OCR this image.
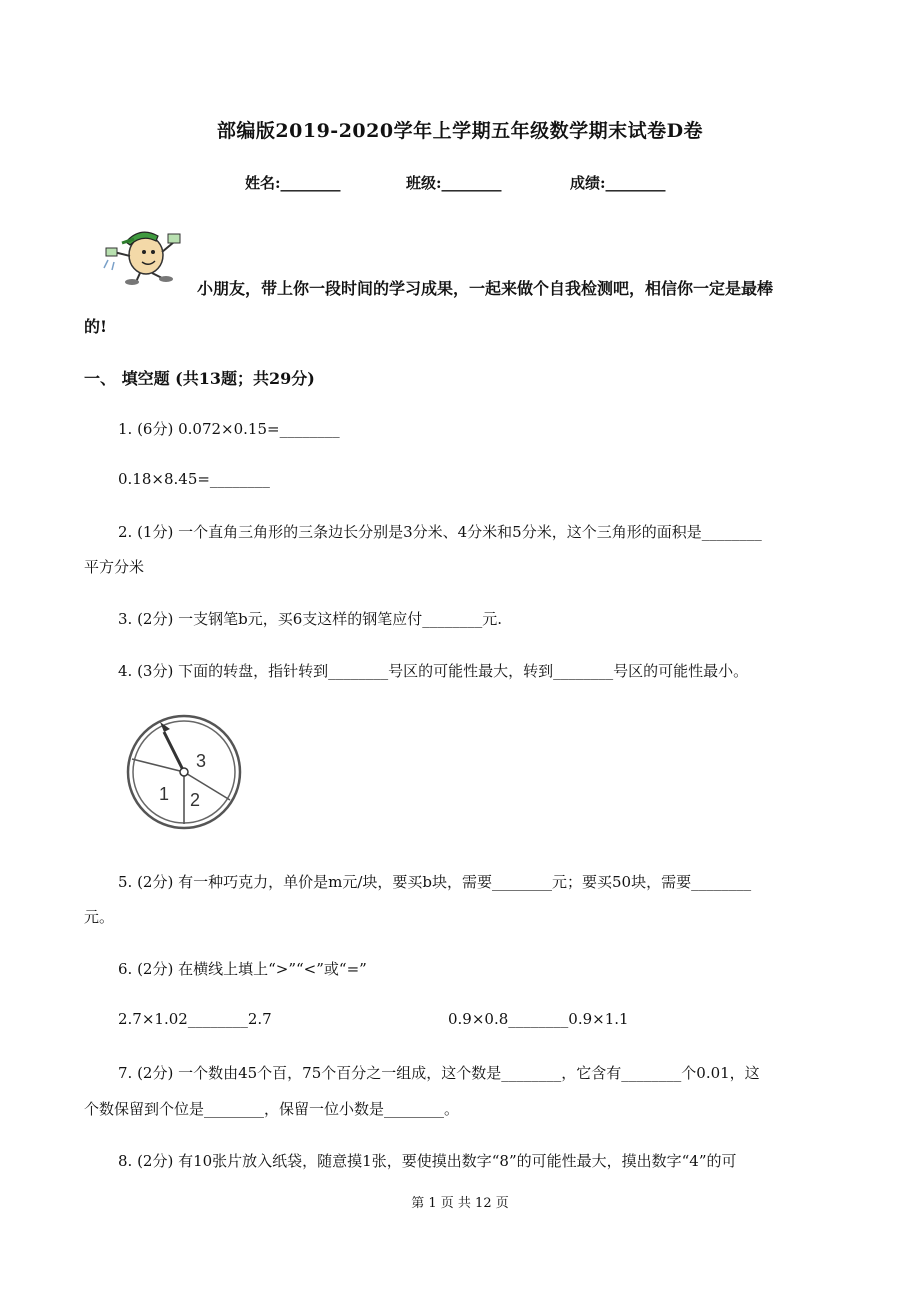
部编版2019-2020学年上学期五年级数学期末试卷D卷
姓名:________	班级:________	成绩:________
小朋友，带上你一段时间的学习成果，一起来做个自我检测吧，相信你一定是最棒
的!
一、 填空题 (共13题；共29分)
1. (6分) 0.072×0.15=________
0.18×8.45=________
2. (1分) 一个直角三角形的三条边长分别是3分米、4分米和5分米，这个三角形的面积是________
平方分米
3. (2分) 一支钢笔b元，买6支这样的钢笔应付________元.
4. (3分) 下面的转盘，指针转到________号区的可能性最大，转到________号区的可能性最小。
3
1 2
5. (2分) 有一种巧克力，单价是m元/块，要买b块，需要________元；要买50块，需要________
元。
6. (2分) 在横线上填上“>”“<”或“=”
2.7×1.02________2.7	0.9×0.8________0.9×1.1
7. (2分) 一个数由45个百，75个百分之一组成，这个数是________，它含有________个0.01，这
个数保留到个位是________，保留一位小数是________。
8. (2分) 有10张片放入纸袋，随意摸1张，要使摸出数字“8”的可能性最大，摸出数字“4”的可
第 1 页 共 12 页
